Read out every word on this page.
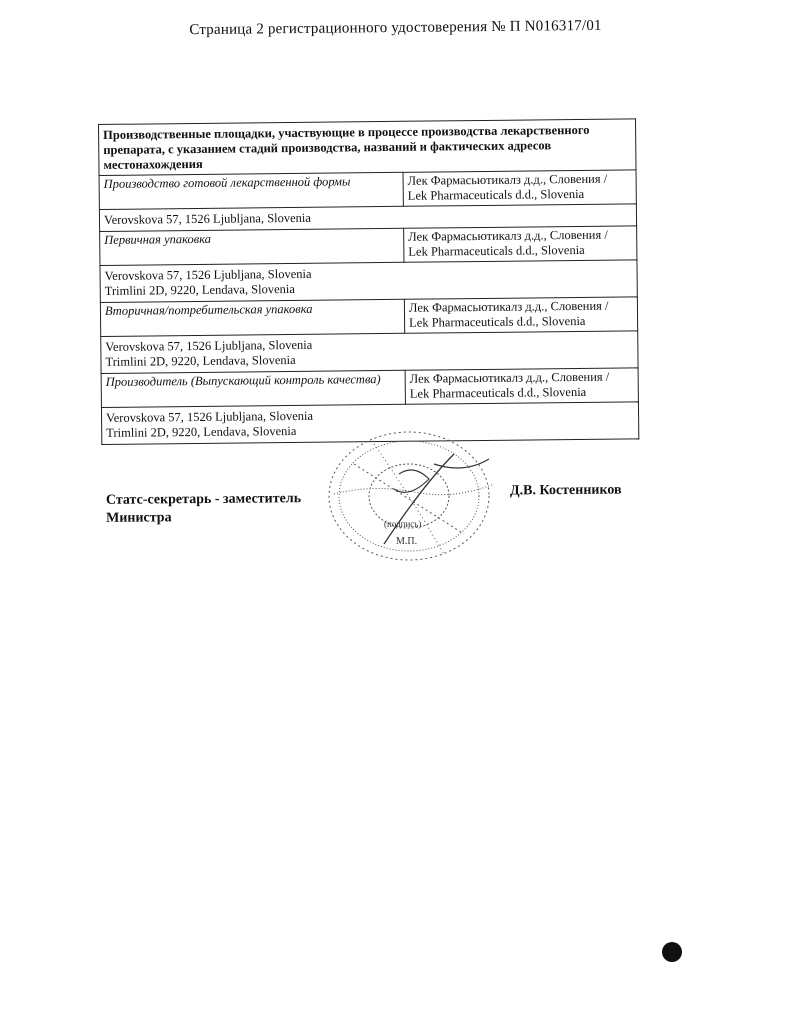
Страница 2 регистрационного удостоверения № П N016317/01
Производственные площадки, участвующие в процессе производства лекарственного препарата, с указанием стадий производства, названий и фактических адресов местонахождения	
Производство готовой лекарственной формы	Лек Фармасьютикалз д.д., Словения /
Lek Pharmaceuticals d.d., Slovenia

Verovskova 57, 1526 Ljubljana, Slovenia	

Первичная упаковка	Лек Фармасьютикалз д.д., Словения /
Lek Pharmaceuticals d.d., Slovenia

Verovskova 57, 1526 Ljubljana, Slovenia
Trimlini 2D, 9220, Lendava, Slovenia	

Вторичная/потребительская упаковка	Лек Фармасьютикалз д.д., Словения /
Lek Pharmaceuticals d.d., Slovenia

Verovskova 57, 1526 Ljubljana, Slovenia
Trimlini 2D, 9220, Lendava, Slovenia	

Производитель (Выпускающий контроль качества)	Лек Фармасьютикалз д.д., Словения /
Lek Pharmaceuticals d.d., Slovenia

Verovskova 57, 1526 Ljubljana, Slovenia
Trimlini 2D, 9220, Lendava, Slovenia	
Статс-секретарь - заместитель
Министра	(подпись)
М.П.
Д.В. Костенников
